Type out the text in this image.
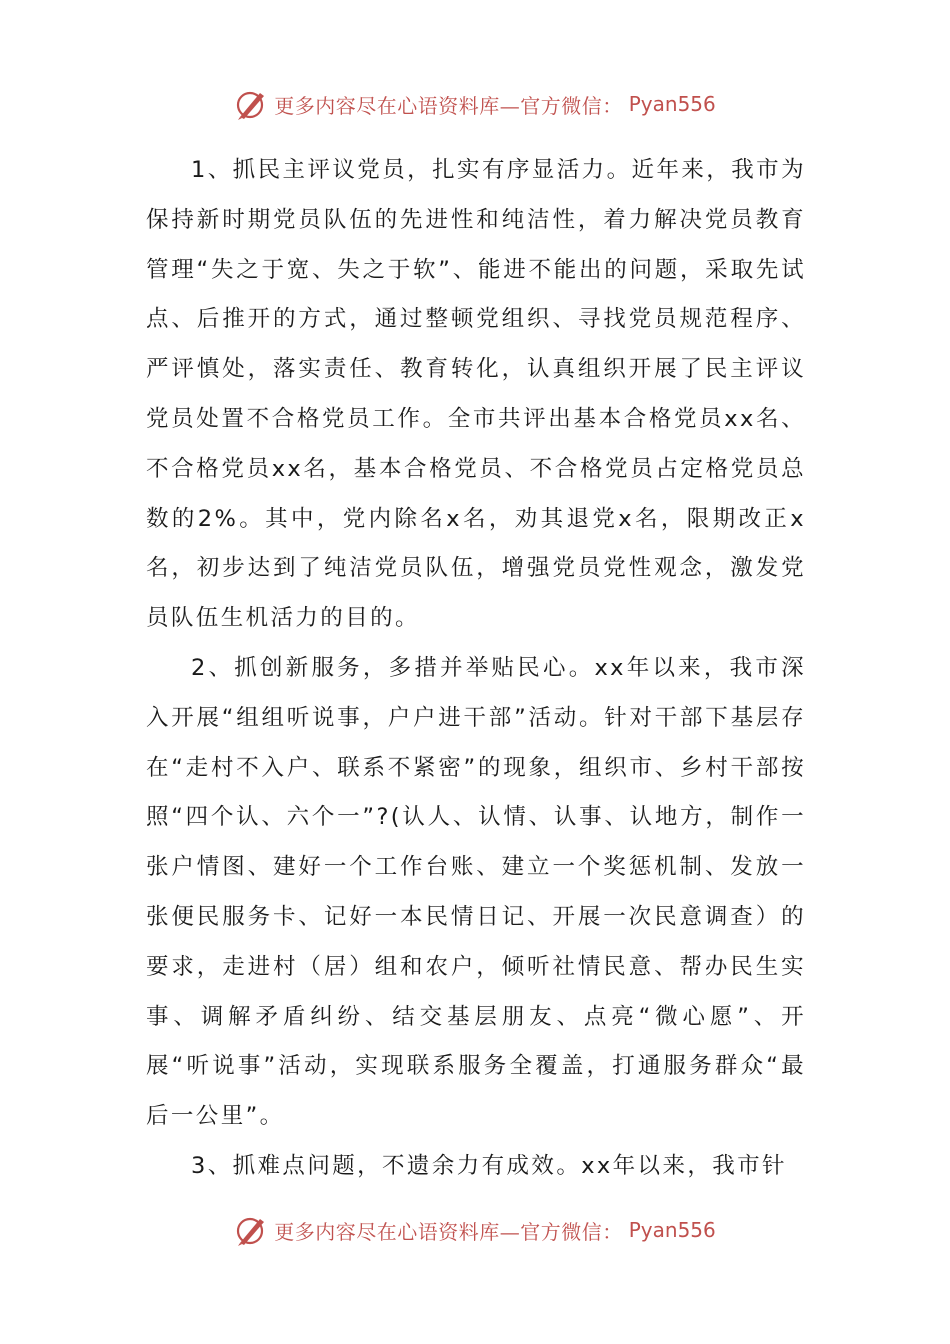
更多内容尽在心语资料库—官方微信： Pyan556

1、抓民主评议党员，扎实有序显活力。近年来，我市为保持新时期党员队伍的先进性和纯洁性，着力解决党员教育管理“失之于宽、失之于软”、能进不能出的问题，采取先试点、后推开的方式，通过整顿党组织、寻找党员规范程序、严评慎处，落实责任、教育转化，认真组织开展了民主评议党员处置不合格党员工作。全市共评出基本合格党员xx名、不合格党员xx名，基本合格党员、不合格党员占定格党员总数的2%。其中，党内除名x名，劝其退党x名，限期改正x名，初步达到了纯洁党员队伍，增强党员党性观念，激发党员队伍生机活力的目的。

2、抓创新服务，多措并举贴民心。xx年以来，我市深入开展“组组听说事，户户进干部”活动。针对干部下基层存在“走村不入户、联系不紧密”的现象，组织市、乡村干部按照“四个认、六个一”?(认人、认情、认事、认地方，制作一张户情图、建好一个工作台账、建立一个奖惩机制、发放一张便民服务卡、记好一本民情日记、开展一次民意调查）的要求，走进村（居）组和农户，倾听社情民意、帮办民生实事、调解矛盾纠纷、结交基层朋友、点亮“微心愿”、开展“听说事”活动，实现联系服务全覆盖，打通服务群众“最后一公里”。

3、抓难点问题，不遗余力有成效。xx年以来，我市针

更多内容尽在心语资料库—官方微信： Pyan556
